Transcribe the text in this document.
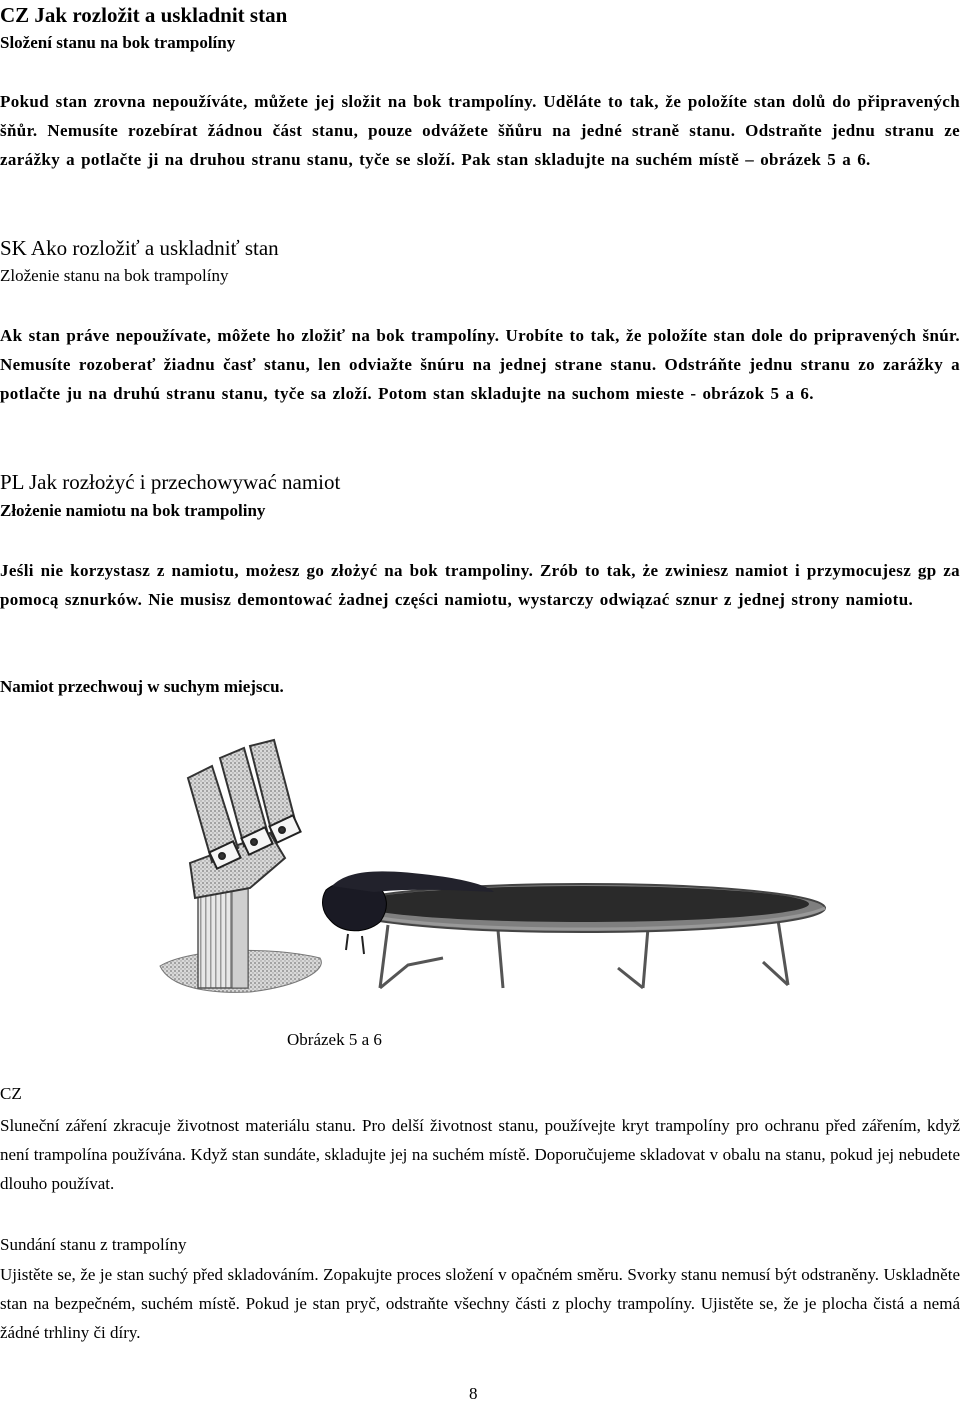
CZ Jak rozložit a uskladnit stan
Složení stanu na bok trampolíny

Pokud stan zrovna nepoužíváte, můžete jej složit na bok trampolíny. Uděláte to tak, že položíte stan dolů do připravených šňůr. Nemusíte rozebírat žádnou část stanu, pouze odvážete šňůru na jedné straně stanu. Odstraňte jednu stranu ze zarážky a potlačte ji na druhou stranu stanu, tyče se složí. Pak stan skladujte na suchém místě – obrázek 5 a 6.

SK Ako rozložiť a uskladniť stan
Zloženie stanu na bok trampolíny

Ak stan práve nepoužívate, môžete ho zložiť na bok trampolíny. Urobíte to tak, že položíte stan dole do pripravených šnúr. Nemusíte rozoberať žiadnu časť stanu, len odviažte šnúru na jednej strane stanu. Odstráňte jednu stranu zo zarážky a potlačte ju na druhú stranu stanu, tyče sa zloží. Potom stan skladujte na suchom mieste - obrázok 5 a 6.

PL Jak rozłożyć i przechowywać namiot
Złożenie namiotu na bok trampoliny

Jeśli nie korzystasz z namiotu, możesz go złożyć na bok trampoliny. Zrób to tak, że zwiniesz namiot i przymocujesz gp za pomocą sznurków. Nie musisz demontować żadnej części namiotu, wystarczy odwiązać sznur z jednej strony namiotu.

Namiot przechwouj w suchym miejscu.
Obrázek 5 a 6
CZ

Sluneční záření zkracuje životnost materiálu stanu. Pro delší životnost stanu, používejte kryt trampolíny pro ochranu před zářením, když není trampolína používána. Když stan sundáte, skladujte jej na suchém místě. Doporučujeme skladovat v obalu na stanu, pokud jej nebudete dlouho používat.

Sundání stanu z trampolíny

Ujistěte se, že je stan suchý před skladováním. Zopakujte proces složení v opačném směru. Svorky stanu nemusí být odstraněny. Uskladněte stan na bezpečném, suchém místě. Pokud je stan pryč, odstraňte všechny části z plochy trampolíny. Ujistěte se, že je plocha čistá a nemá žádné trhliny či díry.

8
